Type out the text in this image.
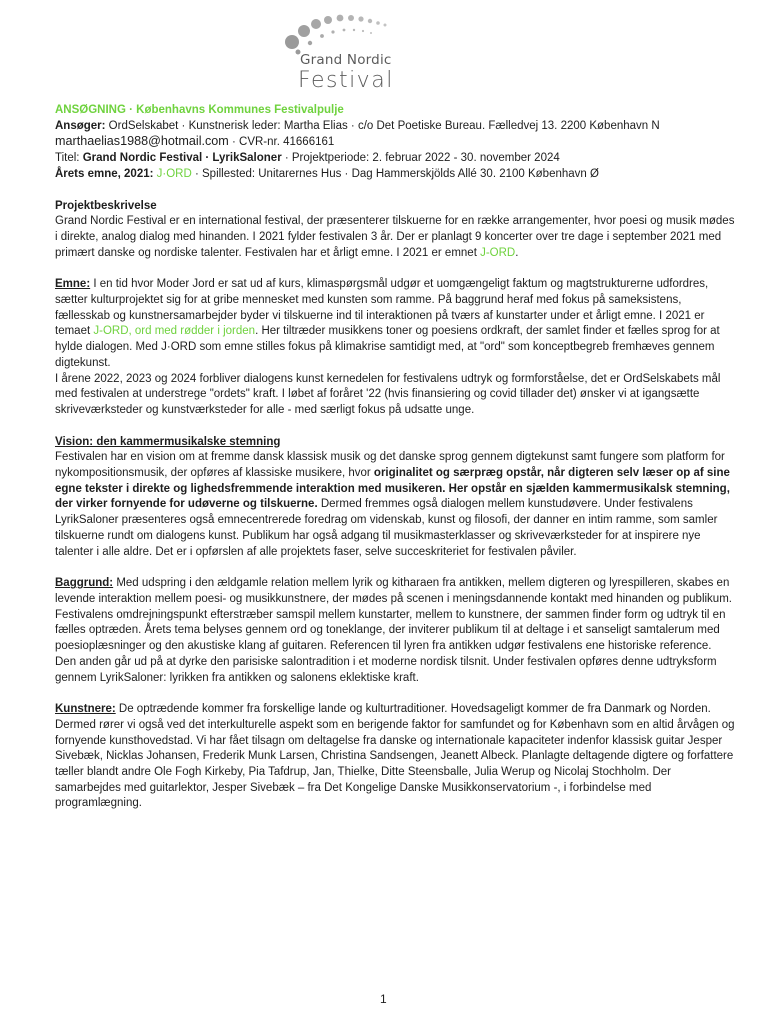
Grand Nordic
Festival

ANSØGNING · Københavns Kommunes Festivalpulje

Ansøger: OrdSelskabet · Kunstnerisk leder: Martha Elias · c/o Det Poetiske Bureau. Fælledvej 13. 2200 København N

marthaelias1988@hotmail.com · CVR-nr. 41666161

Titel: Grand Nordic Festival · LyrikSaloner · Projektperiode: 2. februar 2022 - 30. november 2024

Årets emne, 2021: J·ORD · Spillested: Unitarernes Hus · Dag Hammerskjölds Allé 30. 2100 København Ø

Projektbeskrivelse

Grand Nordic Festival er en international festival, der præsenterer tilskuerne for en række arrangementer, hvor poesi og musik mødes i direkte, analog dialog med hinanden. I 2021 fylder festivalen 3 år. Der er planlagt 9 koncerter over tre dage i september 2021 med primært danske og nordiske talenter. Festivalen har et årligt emne. I 2021 er emnet J-ORD.

Emne: I en tid hvor Moder Jord er sat ud af kurs, klimaspørgsmål udgør et uomgængeligt faktum og magtstrukturerne udfordres, sætter kulturprojektet sig for at gribe mennesket med kunsten som ramme. På baggrund heraf med fokus på sameksistens, fællesskab og kunstnersamarbejder byder vi tilskuerne ind til interaktionen på tværs af kunstarter under et årligt emne. I 2021 er temaet J-ORD, ord med rødder i jorden. Her tiltræder musikkens toner og poesiens ordkraft, der samlet finder et fælles sprog for at hylde dialogen. Med J·ORD som emne stilles fokus på klimakrise samtidigt med, at "ord" som konceptbegreb fremhæves gennem digtekunst.

I årene 2022, 2023 og 2024 forbliver dialogens kunst kernedelen for festivalens udtryk og formforståelse, det er OrdSelskabets mål med festivalen at understrege "ordets" kraft. I løbet af foråret '22 (hvis finansiering og covid tillader det) ønsker vi at igangsætte skriveværksteder og kunstværksteder for alle - med særligt fokus på udsatte unge.

Vision: den kammermusikalske stemning

Festivalen har en vision om at fremme dansk klassisk musik og det danske sprog gennem digtekunst samt fungere som platform for nykompositionsmusik, der opføres af klassiske musikere, hvor originalitet og særpræg opstår, når digteren selv læser op af sine egne tekster i direkte og lighedsfremmende interaktion med musikeren. Her opstår en sjælden kammermusikalsk stemning, der virker fornyende for udøverne og tilskuerne. Dermed fremmes også dialogen mellem kunstudøvere. Under festivalens LyrikSaloner præsenteres også emnecentrerede foredrag om videnskab, kunst og filosofi, der danner en intim ramme, som samler tilskuerne rundt om dialogens kunst. Publikum har også adgang til musikmasterklasser og skriveværksteder for at inspirere nye talenter i alle aldre. Det er i opførslen af alle projektets faser, selve succeskriteriet for festivalen påviler.

Baggrund: Med udspring i den ældgamle relation mellem lyrik og kitharaen fra antikken, mellem digteren og lyrespilleren, skabes en levende interaktion mellem poesi- og musikkunstnere, der mødes på scenen i meningsdannende kontakt med hinanden og publikum. Festivalens omdrejningspunkt efterstræber samspil mellem kunstarter, mellem to kunstnere, der sammen finder form og udtryk til en fælles optræden. Årets tema belyses gennem ord og toneklange, der inviterer publikum til at deltage i et sanseligt samtalerum med poesioplæsninger og den akustiske klang af guitaren. Referencen til lyren fra antikken udgør festivalens ene historiske reference. Den anden går ud på at dyrke den parisiske salontradition i et moderne nordisk tilsnit. Under festivalen opføres denne udtryksform gennem LyrikSaloner: lyrikken fra antikken og salonens eklektiske kraft.

Kunstnere: De optrædende kommer fra forskellige lande og kulturtraditioner. Hovedsageligt kommer de fra Danmark og Norden. Dermed rører vi også ved det interkulturelle aspekt som en berigende faktor for samfundet og for København som en altid årvågen og fornyende kunsthovedstad. Vi har fået tilsagn om deltagelse fra danske og internationale kapaciteter indenfor klassisk guitar Jesper Sivebæk, Nicklas Johansen, Frederik Munk Larsen, Christina Sandsengen, Jeanett Albeck. Planlagte deltagende digtere og forfattere tæller blandt andre Ole Fogh Kirkeby, Pia Tafdrup, Jan, Thielke, Ditte Steensballe, Julia Werup og Nicolaj Stochholm. Der samarbejdes med guitarlektor, Jesper Sivebæk – fra Det Kongelige Danske Musikkonservatorium -, i forbindelse med programlægning.

1
